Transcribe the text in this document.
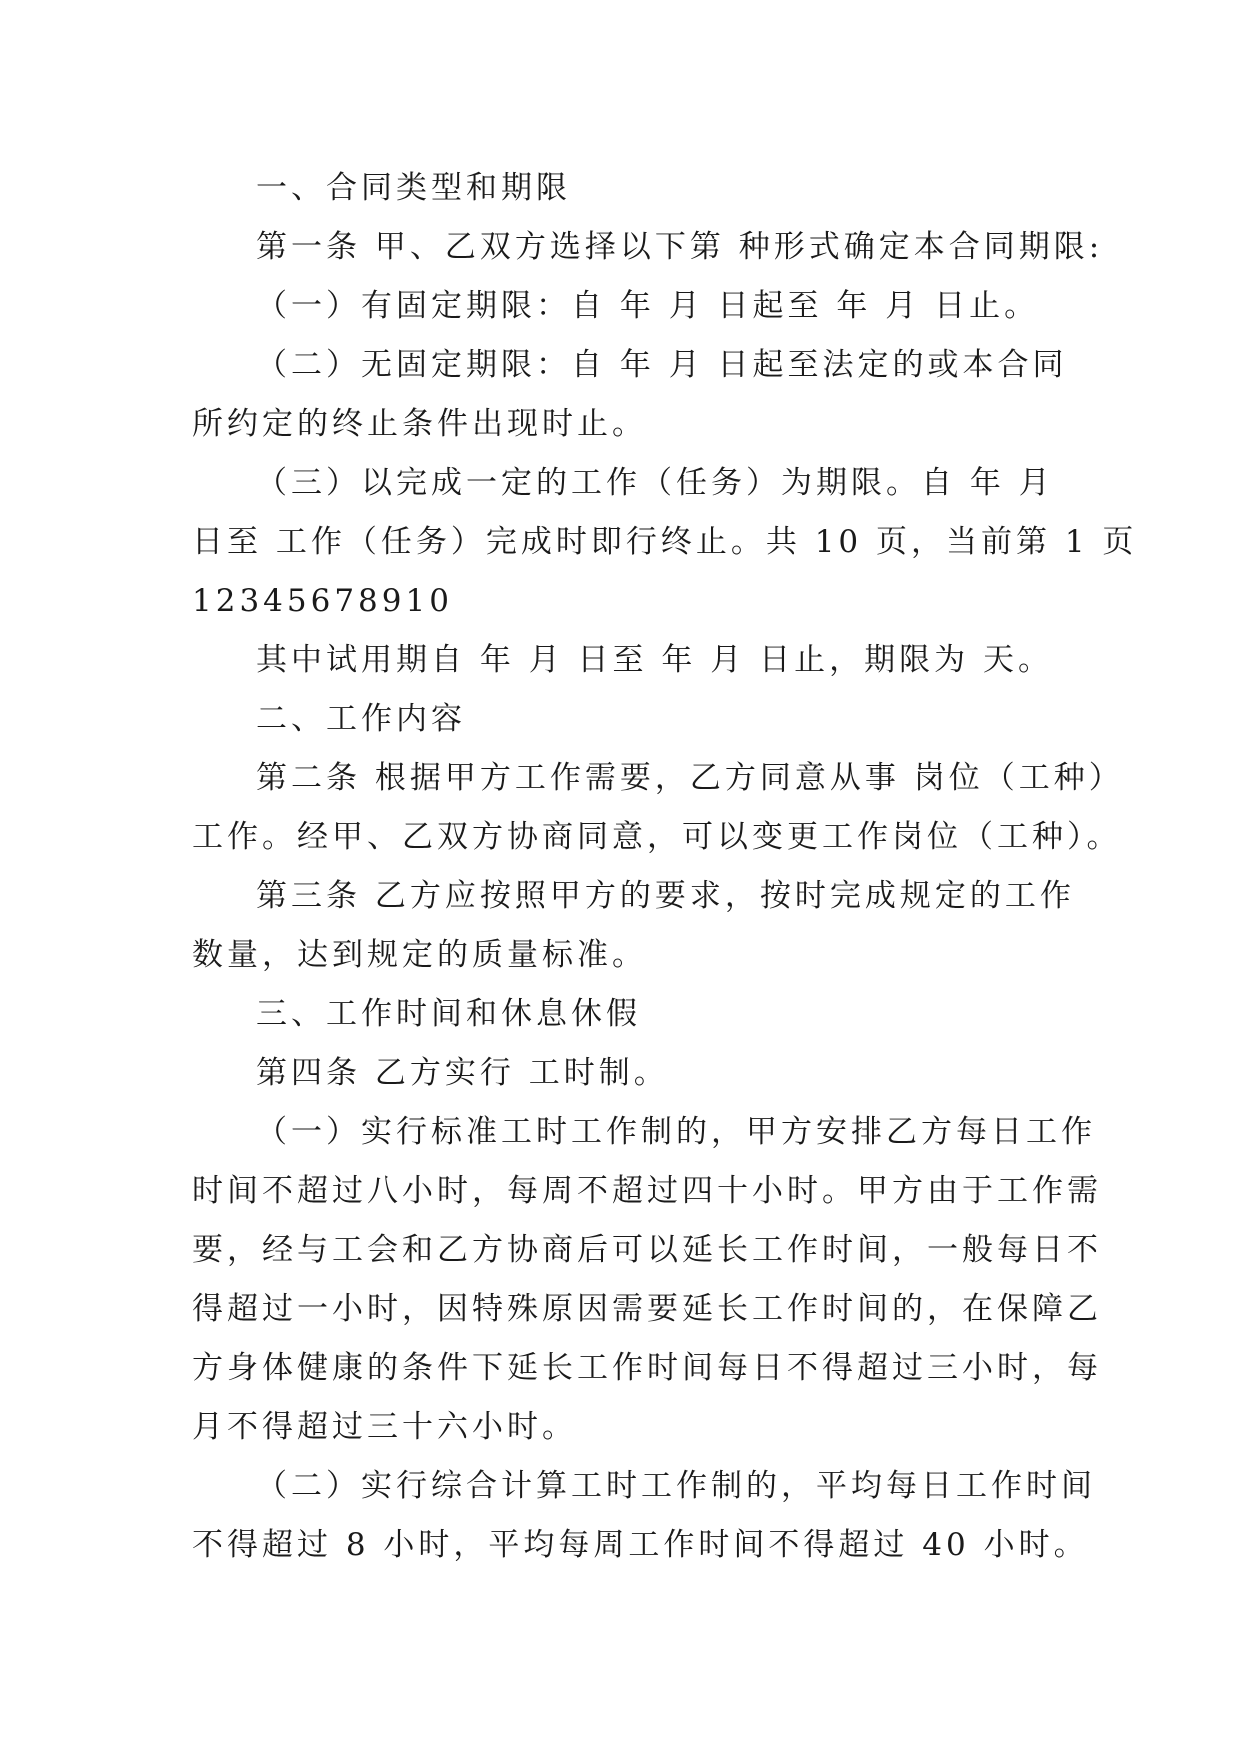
一、合同类型和期限
第一条 甲、乙双方选择以下第 种形式确定本合同期限:
（一）有固定期限：自 年 月 日起至 年 月 日止。
（二）无固定期限：自 年 月 日起至法定的或本合同
所约定的终止条件出现时止。
（三）以完成一定的工作（任务）为期限。自 年 月
日至 工作（任务）完成时即行终止。共 10 页，当前第 1 页
12345678910
其中试用期自 年 月 日至 年 月 日止，期限为 天。
二、工作内容
第二条 根据甲方工作需要，乙方同意从事 岗位（工种）
工作。经甲、乙双方协商同意，可以变更工作岗位（工种）。
第三条 乙方应按照甲方的要求，按时完成规定的工作
数量，达到规定的质量标准。
三、工作时间和休息休假
第四条 乙方实行 工时制。
（一）实行标准工时工作制的，甲方安排乙方每日工作
时间不超过八小时，每周不超过四十小时。甲方由于工作需
要，经与工会和乙方协商后可以延长工作时间，一般每日不
得超过一小时，因特殊原因需要延长工作时间的，在保障乙
方身体健康的条件下延长工作时间每日不得超过三小时，每
月不得超过三十六小时。
（二）实行综合计算工时工作制的，平均每日工作时间
不得超过 8 小时，平均每周工作时间不得超过 40 小时。
